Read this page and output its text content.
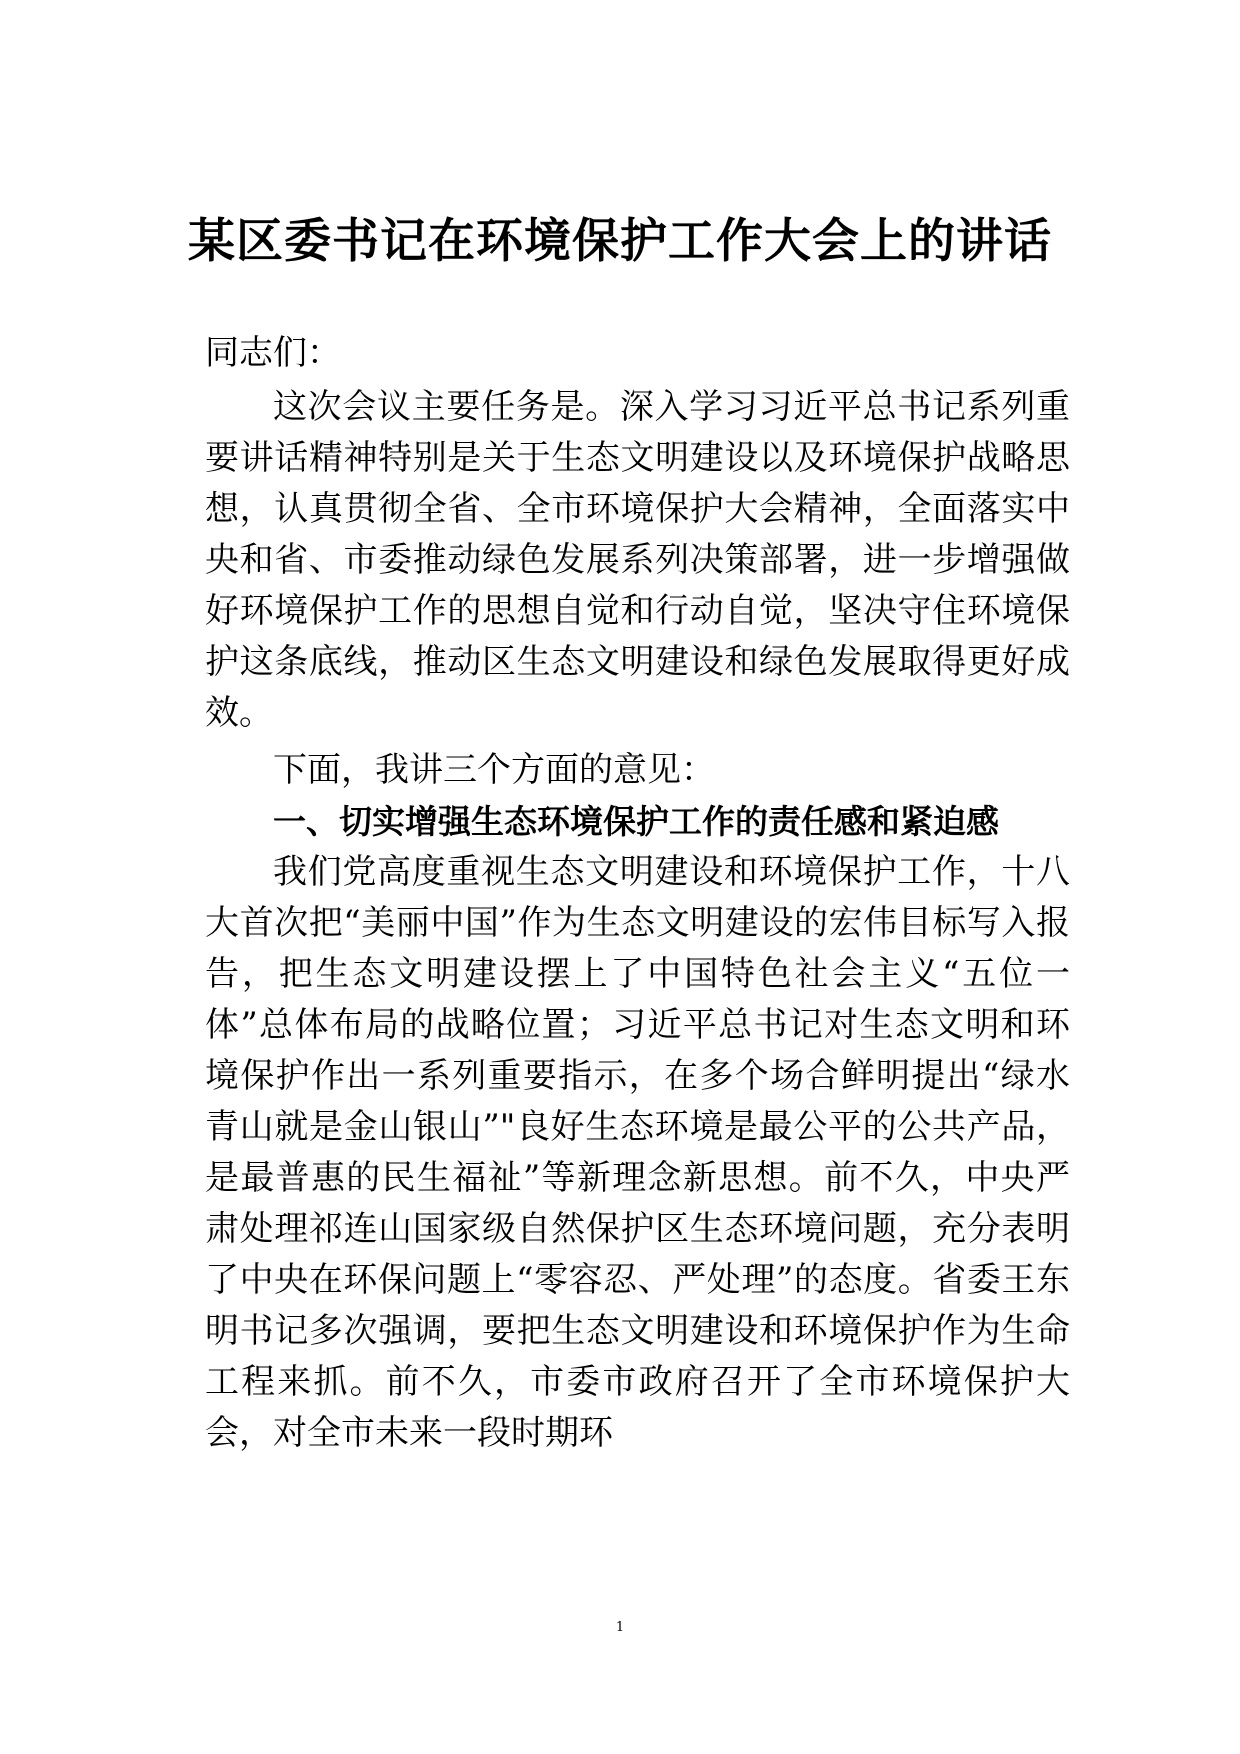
某区委书记在环境保护工作大会上的讲话

同志们：

这次会议主要任务是。深入学习习近平总书记系列重要讲话精神特别是关于生态文明建设以及环境保护战略思想，认真贯彻全省、全市环境保护大会精神，全面落实中央和省、市委推动绿色发展系列决策部署，进一步增强做好环境保护工作的思想自觉和行动自觉，坚决守住环境保护这条底线，推动区生态文明建设和绿色发展取得更好成效。

下面，我讲三个方面的意见：

一、切实增强生态环境保护工作的责任感和紧迫感

我们党高度重视生态文明建设和环境保护工作，十八大首次把“美丽中国”作为生态文明建设的宏伟目标写入报告，把生态文明建设摆上了中国特色社会主义“五位一体”总体布局的战略位置；习近平总书记对生态文明和环境保护作出一系列重要指示，在多个场合鲜明提出“绿水青山就是金山银山”"良好生态环境是最公平的公共产品，是最普惠的民生福祉”等新理念新思想。前不久，中央严肃处理祁连山国家级自然保护区生态环境问题，充分表明了中央在环保问题上“零容忍、严处理”的态度。省委王东明书记多次强调，要把生态文明建设和环境保护作为生命工程来抓。前不久，市委市政府召开了全市环境保护大会，对全市未来一段时期环

1
